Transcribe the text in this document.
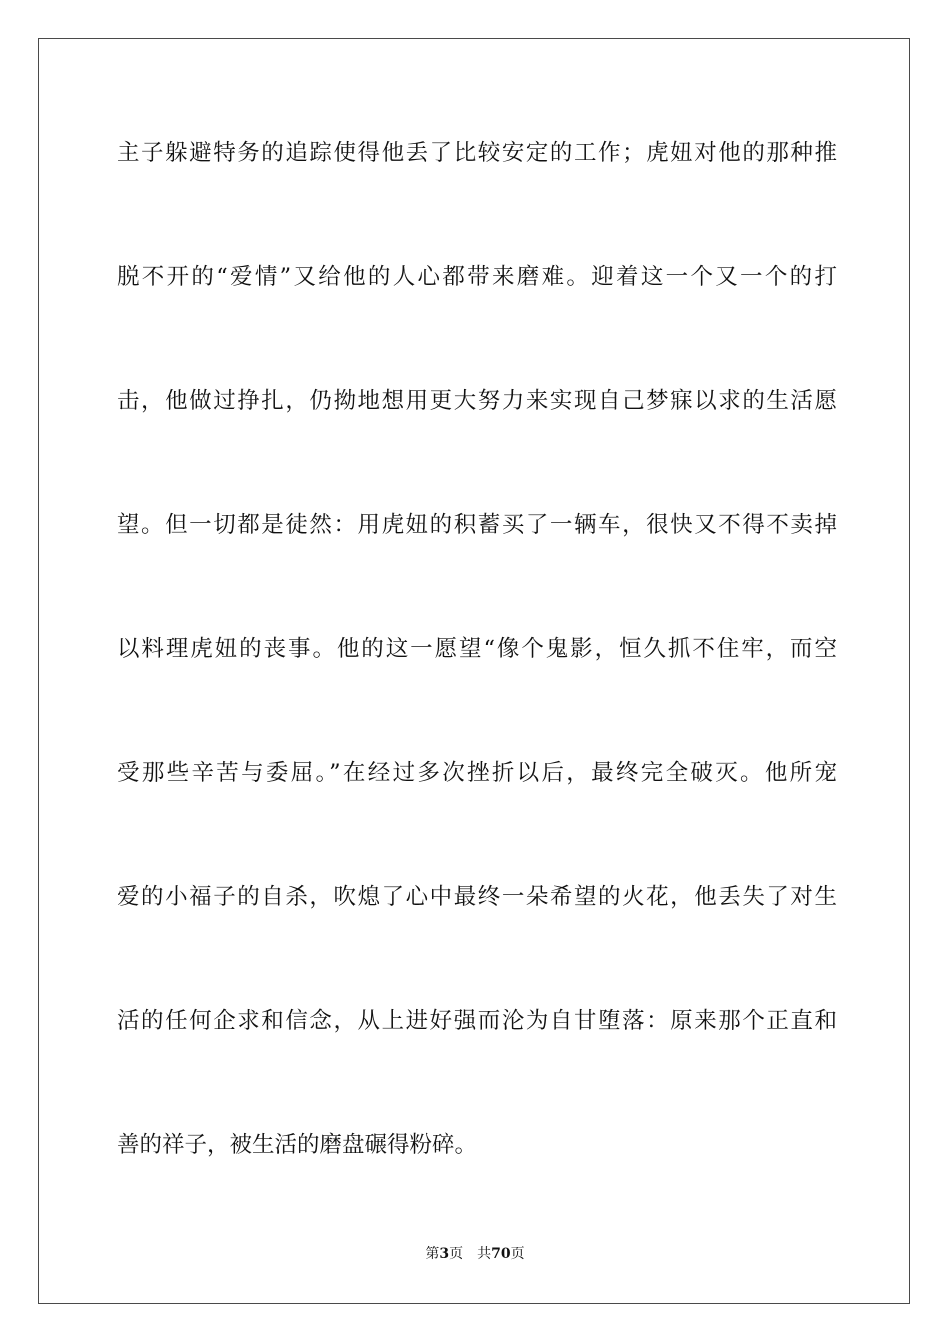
主子躲避特务的追踪使得他丢了比较安定的工作；虎妞对他的那种推
脱不开的“爱情”又给他的人心都带来磨难。迎着这一个又一个的打
击，他做过挣扎，仍拗地想用更大努力来实现自己梦寐以求的生活愿
望。但一切都是徒然：用虎妞的积蓄买了一辆车，很快又不得不卖掉
以料理虎妞的丧事。他的这一愿望“像个鬼影，恒久抓不住牢，而空
受那些辛苦与委屈。”在经过多次挫折以后，最终完全破灭。他所宠
爱的小福子的自杀，吹熄了心中最终一朵希望的火花，他丢失了对生
活的任何企求和信念，从上进好强而沦为自甘堕落：原来那个正直和
善的祥子，被生活的磨盘碾得粉碎。
第3页 共70页
